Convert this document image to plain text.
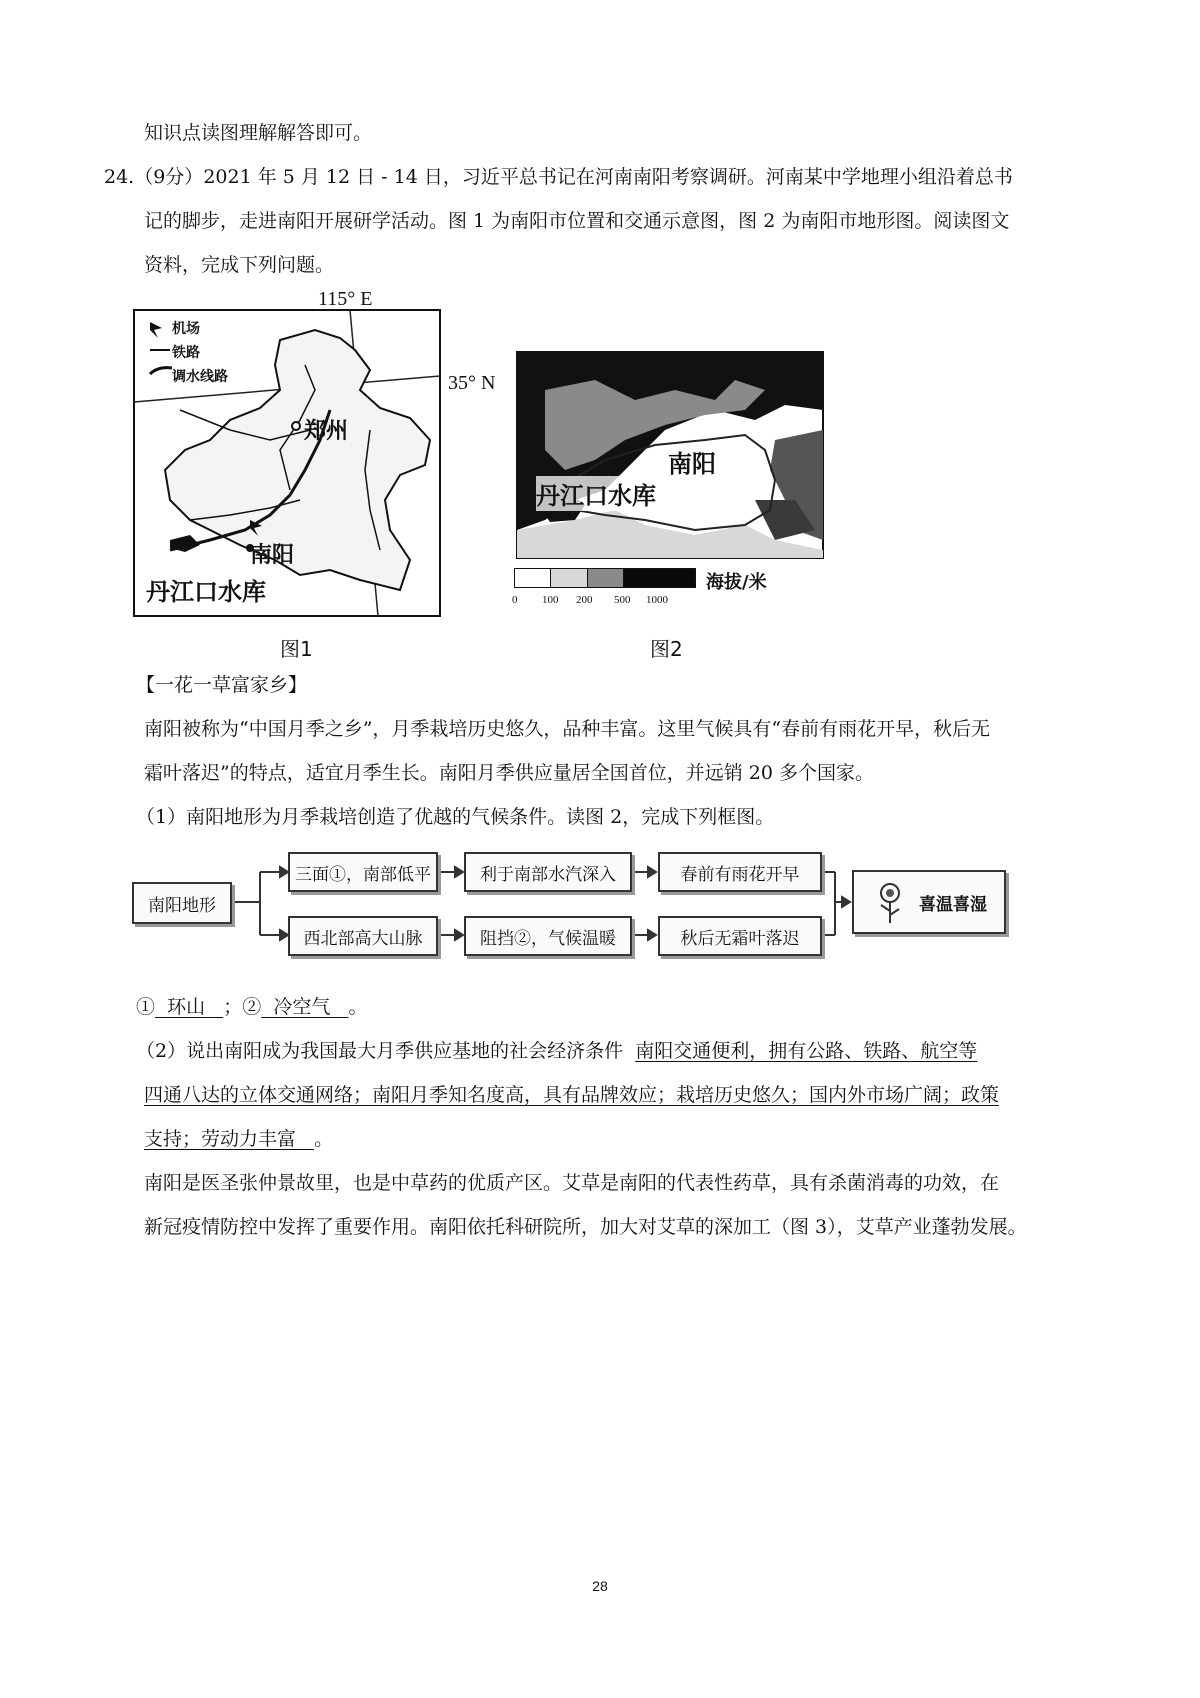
知识点读图理解解答即可。
24.（9分）2021 年 5 月 12 日 - 14 日，习近平总书记在河南南阳考察调研。河南某中学地理小组沿着总书
记的脚步，走进南阳开展研学活动。图 1 为南阳市位置和交通示意图，图 2 为南阳市地形图。阅读图文
资料，完成下列问题。
115° E
35° N
机场
铁路
调水线路
郑州
南阳
丹江口水库
图1
南阳
丹江口水库
海拔/米
0 100 200 500 1000
图2
【一花一草富家乡】
南阳被称为“中国月季之乡”，月季栽培历史悠久，品种丰富。这里气候具有“春前有雨花开早，秋后无
霜叶落迟”的特点，适宜月季生长。南阳月季供应量居全国首位，并远销 20 多个国家。
（1）南阳地形为月季栽培创造了优越的气候条件。读图 2，完成下列框图。
南阳地形
三面①，南部低平	利于南部水汽深入	春前有雨花开早
西北部高大山脉	阻挡②，气候温暖	秋后无霜叶落迟
喜温喜湿
① 环山 ；② 冷空气 。
（2）说出南阳成为我国最大月季供应基地的社会经济条件 南阳交通便利，拥有公路、铁路、航空等
四通八达的立体交通网络；南阳月季知名度高，具有品牌效应；栽培历史悠久；国内外市场广阔；政策
支持；劳动力丰富 。
南阳是医圣张仲景故里，也是中草药的优质产区。艾草是南阳的代表性药草，具有杀菌消毒的功效，在
新冠疫情防控中发挥了重要作用。南阳依托科研院所，加大对艾草的深加工（图 3），艾草产业蓬勃发展。
28
